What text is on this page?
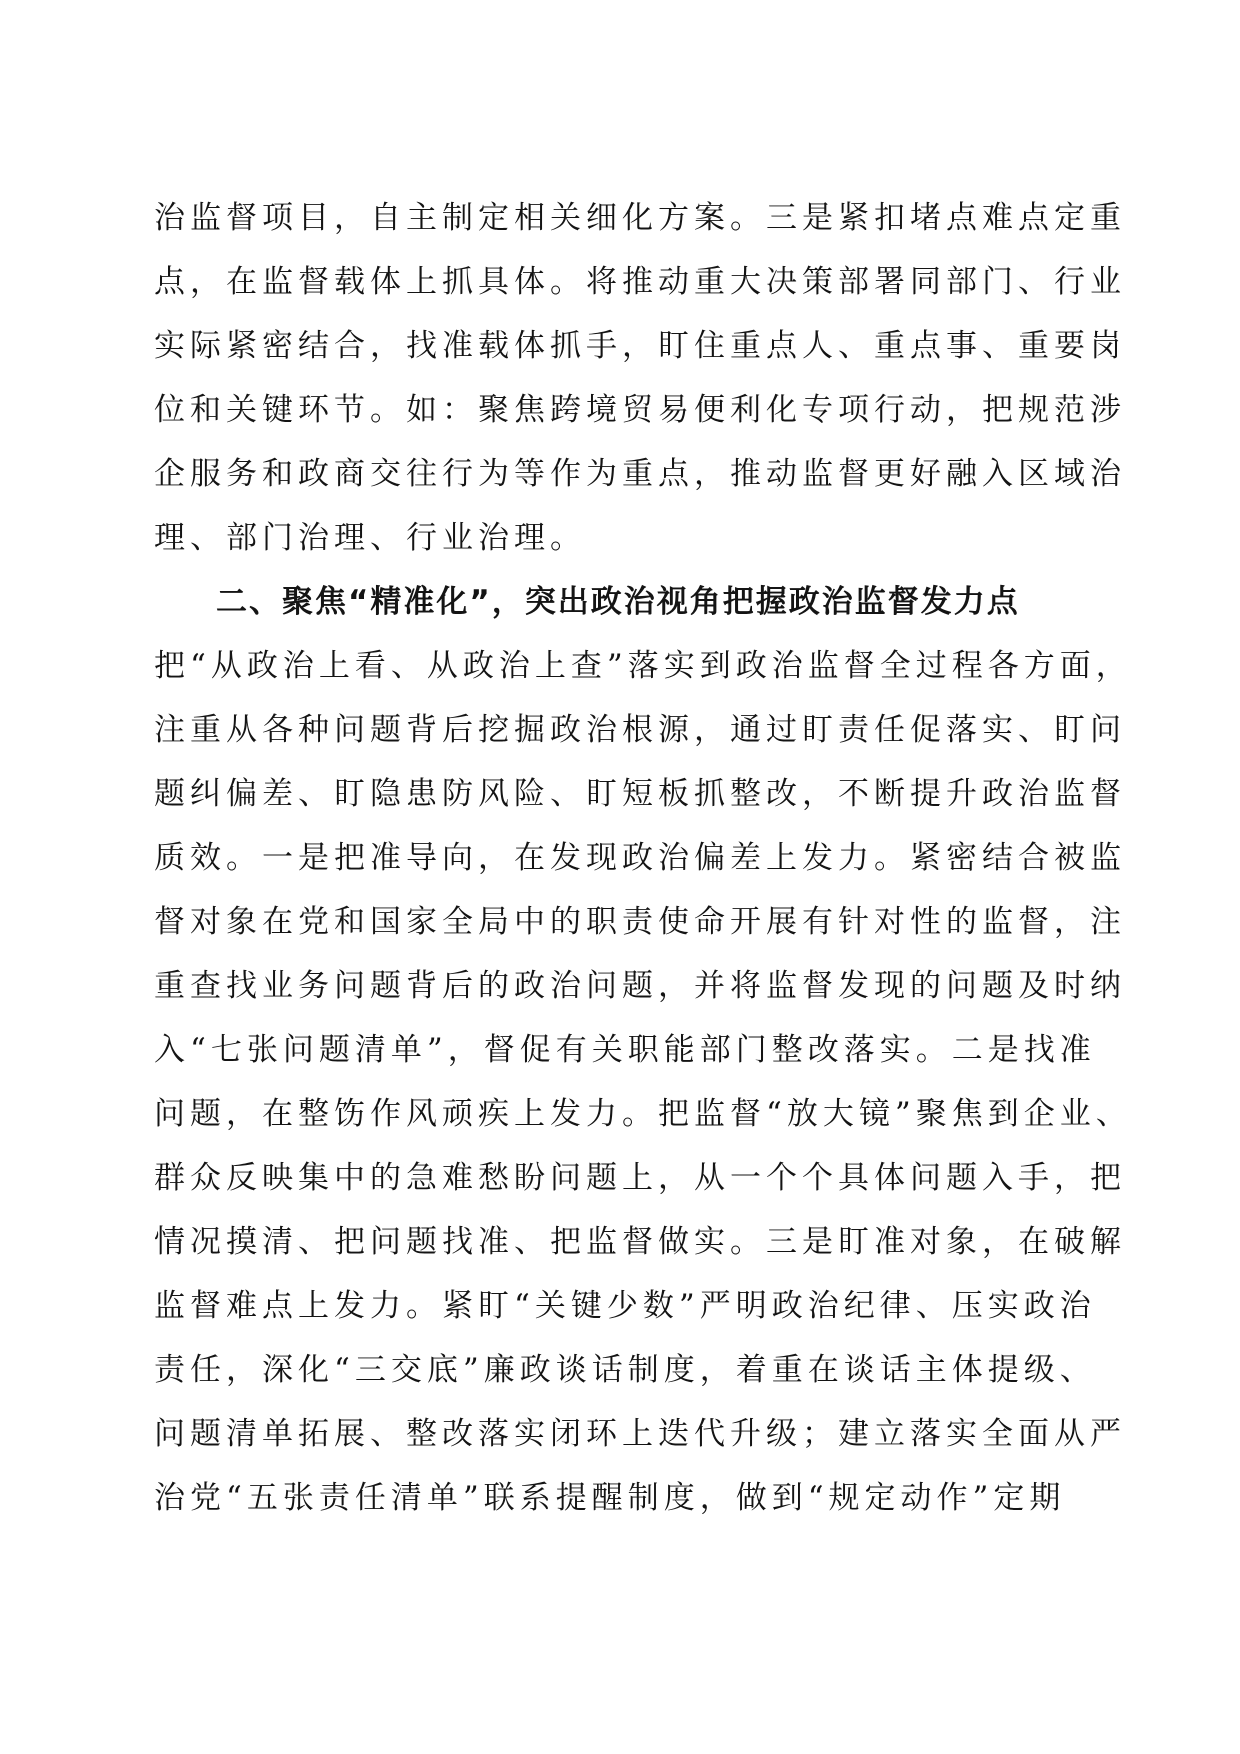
治监督项目，自主制定相关细化方案。三是紧扣堵点难点定重
点，在监督载体上抓具体。将推动重大决策部署同部门、行业
实际紧密结合，找准载体抓手，盯住重点人、重点事、重要岗
位和关键环节。如：聚焦跨境贸易便利化专项行动，把规范涉
企服务和政商交往行为等作为重点，推动监督更好融入区域治
理、部门治理、行业治理。
二、聚焦“精准化”，突出政治视角把握政治监督发力点
把“从政治上看、从政治上查”落实到政治监督全过程各方面，
注重从各种问题背后挖掘政治根源，通过盯责任促落实、盯问
题纠偏差、盯隐患防风险、盯短板抓整改，不断提升政治监督
质效。一是把准导向，在发现政治偏差上发力。紧密结合被监
督对象在党和国家全局中的职责使命开展有针对性的监督，注
重查找业务问题背后的政治问题，并将监督发现的问题及时纳
入“七张问题清单”，督促有关职能部门整改落实。二是找准
问题，在整饬作风顽疾上发力。把监督“放大镜”聚焦到企业、
群众反映集中的急难愁盼问题上，从一个个具体问题入手，把
情况摸清、把问题找准、把监督做实。三是盯准对象，在破解
监督难点上发力。紧盯“关键少数”严明政治纪律、压实政治
责任，深化“三交底”廉政谈话制度，着重在谈话主体提级、
问题清单拓展、整改落实闭环上迭代升级；建立落实全面从严
治党“五张责任清单”联系提醒制度，做到“规定动作”定期
